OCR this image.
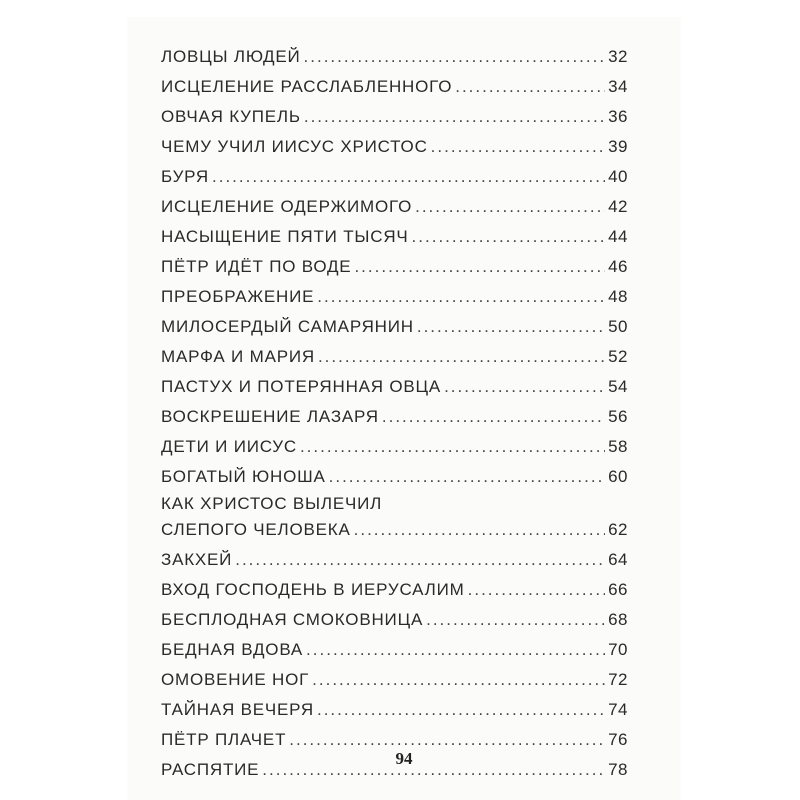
ЛОВЦЫ ЛЮДЕЙ .....	32
ИСЦЕЛЕНИЕ РАССЛАБЛЕННОГО .....	34
ОВЧАЯ КУПЕЛЬ .....	36
ЧЕМУ УЧИЛ ИИСУС ХРИСТОС .....	39
БУРЯ .....	40
ИСЦЕЛЕНИЕ ОДЕРЖИМОГО .....	42
НАСЫЩЕНИЕ ПЯТИ ТЫСЯЧ .....	44
ПЁТР ИДЁТ ПО ВОДЕ .....	46
ПРЕОБРАЖЕНИЕ .....	48
МИЛОСЕРДЫЙ САМАРЯНИН .....	50
МАРФА И МАРИЯ .....	52
ПАСТУХ И ПОТЕРЯННАЯ ОВЦА .....	54
ВОСКРЕШЕНИЕ ЛАЗАРЯ .....	56
ДЕТИ И ИИСУС .....	58
БОГАТЫЙ ЮНОША .....	60
КАК ХРИСТОС ВЫЛЕЧИЛ
СЛЕПОГО ЧЕЛОВЕКА .....	62
ЗАКХЕЙ .....	64
ВХОД ГОСПОДЕНЬ В ИЕРУСАЛИМ .....	66
БЕСПЛОДНАЯ СМОКОВНИЦА .....	68
БЕДНАЯ ВДОВА .....	70
ОМОВЕНИЕ НОГ .....	72
ТАЙНАЯ ВЕЧЕРЯ .....	74
ПЁТР ПЛАЧЕТ .....	76
РАСПЯТИЕ .....	78
94
